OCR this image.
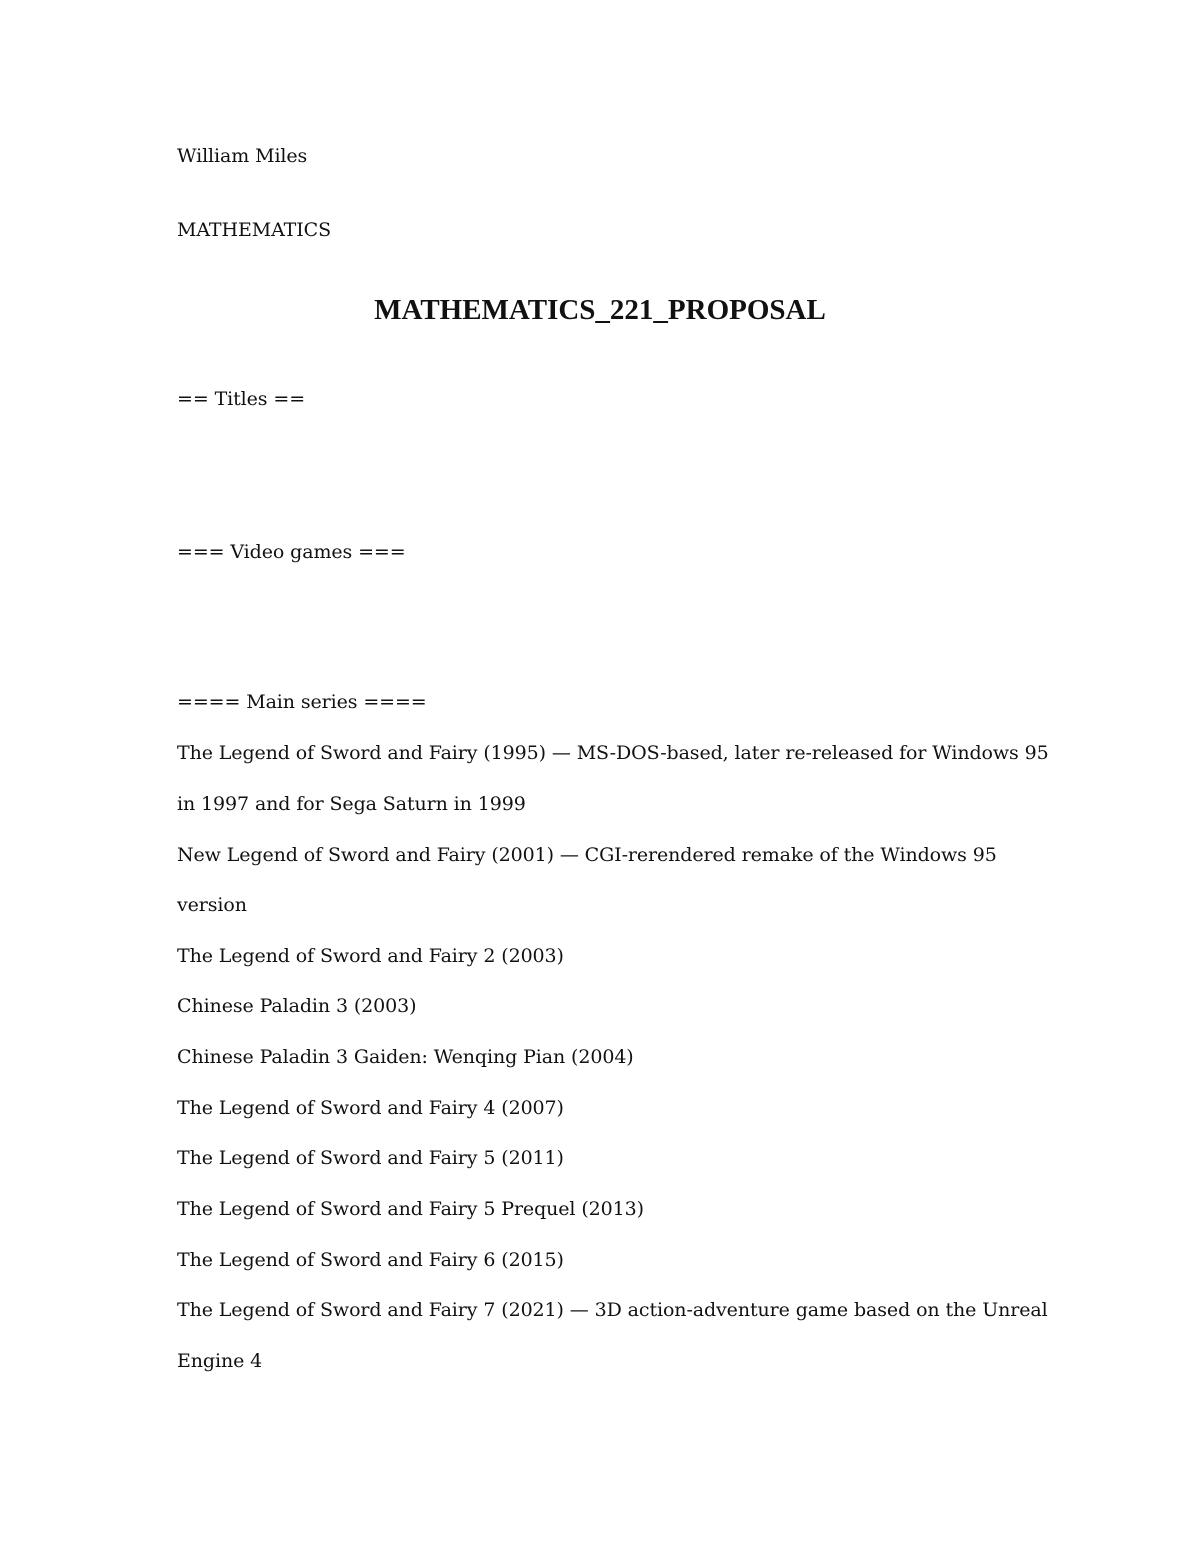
William Miles
MATHEMATICS
MATHEMATICS_221_PROPOSAL
== Titles ==
=== Video games ===
==== Main series ====
The Legend of Sword and Fairy (1995) — MS-DOS-based, later re-released for Windows 95
in 1997 and for Sega Saturn in 1999
New Legend of Sword and Fairy (2001) — CGI-rerendered remake of the Windows 95
version
The Legend of Sword and Fairy 2 (2003)
Chinese Paladin 3 (2003)
Chinese Paladin 3 Gaiden: Wenqing Pian (2004)
The Legend of Sword and Fairy 4 (2007)
The Legend of Sword and Fairy 5 (2011)
The Legend of Sword and Fairy 5 Prequel (2013)
The Legend of Sword and Fairy 6 (2015)
The Legend of Sword and Fairy 7 (2021) — 3D action-adventure game based on the Unreal
Engine 4
